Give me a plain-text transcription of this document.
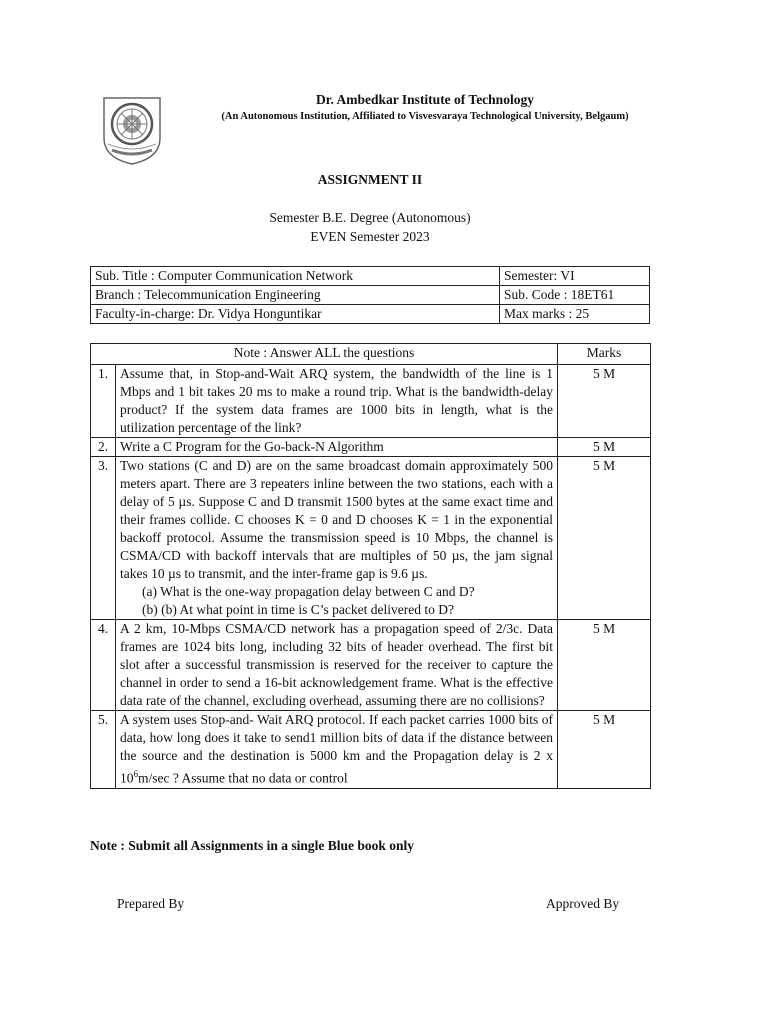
Dr. Ambedkar Institute of Technology
(An Autonomous Institution, Affiliated to Visvesvaraya Technological University, Belgaum)
ASSIGNMENT II
Semester B.E. Degree (Autonomous)
EVEN Semester 2023
Sub. Title : Computer Communication Network	Semester: VI
Branch : Telecommunication Engineering	Sub. Code : 18ET61
Faculty-in-charge: Dr. Vidya Honguntikar	Max marks : 25
Note : Answer ALL the questions		Marks
1.	Assume that, in Stop-and-Wait ARQ system, the bandwidth of the line is 1 Mbps and 1 bit takes 20 ms to make a round trip. What is the bandwidth-delay product? If the system data frames are 1000 bits in length, what is the utilization percentage of the link?	5 M
2.	Write a C Program for the Go-back-N Algorithm	5 M
3.	Two stations (C and D) are on the same broadcast domain approximately 500 meters apart. There are 3 repeaters inline between the two stations, each with a delay of 5 µs. Suppose C and D transmit 1500 bytes at the same exact time and their frames collide. C chooses K = 0 and D chooses K = 1 in the exponential backoff protocol. Assume the transmission speed is 10 Mbps, the channel is CSMA/CD with backoff intervals that are multiples of 50 µs, the jam signal takes 10 µs to transmit, and the inter-frame gap is 9.6 µs.
(a) What is the one-way propagation delay between C and D?
(b) (b) At what point in time is C’s packet delivered to D?	5 M
4.	A 2 km, 10-Mbps CSMA/CD network has a propagation speed of 2/3c. Data frames are 1024 bits long, including 32 bits of header overhead. The first bit slot after a successful transmission is reserved for the receiver to capture the channel in order to send a 16-bit acknowledgement frame. What is the effective data rate of the channel, excluding overhead, assuming there are no collisions?	5 M
5.	A system uses Stop-and- Wait ARQ protocol. If each packet carries 1000 bits of data, how long does it take to send1 million bits of data if the distance between the source and the destination is 5000 km and the Propagation delay is 2 x $10^6m/\sec$ ? Assume that no data or control	5 M
Note : Submit all Assignments in a single Blue book only
Prepared By	Approved By
